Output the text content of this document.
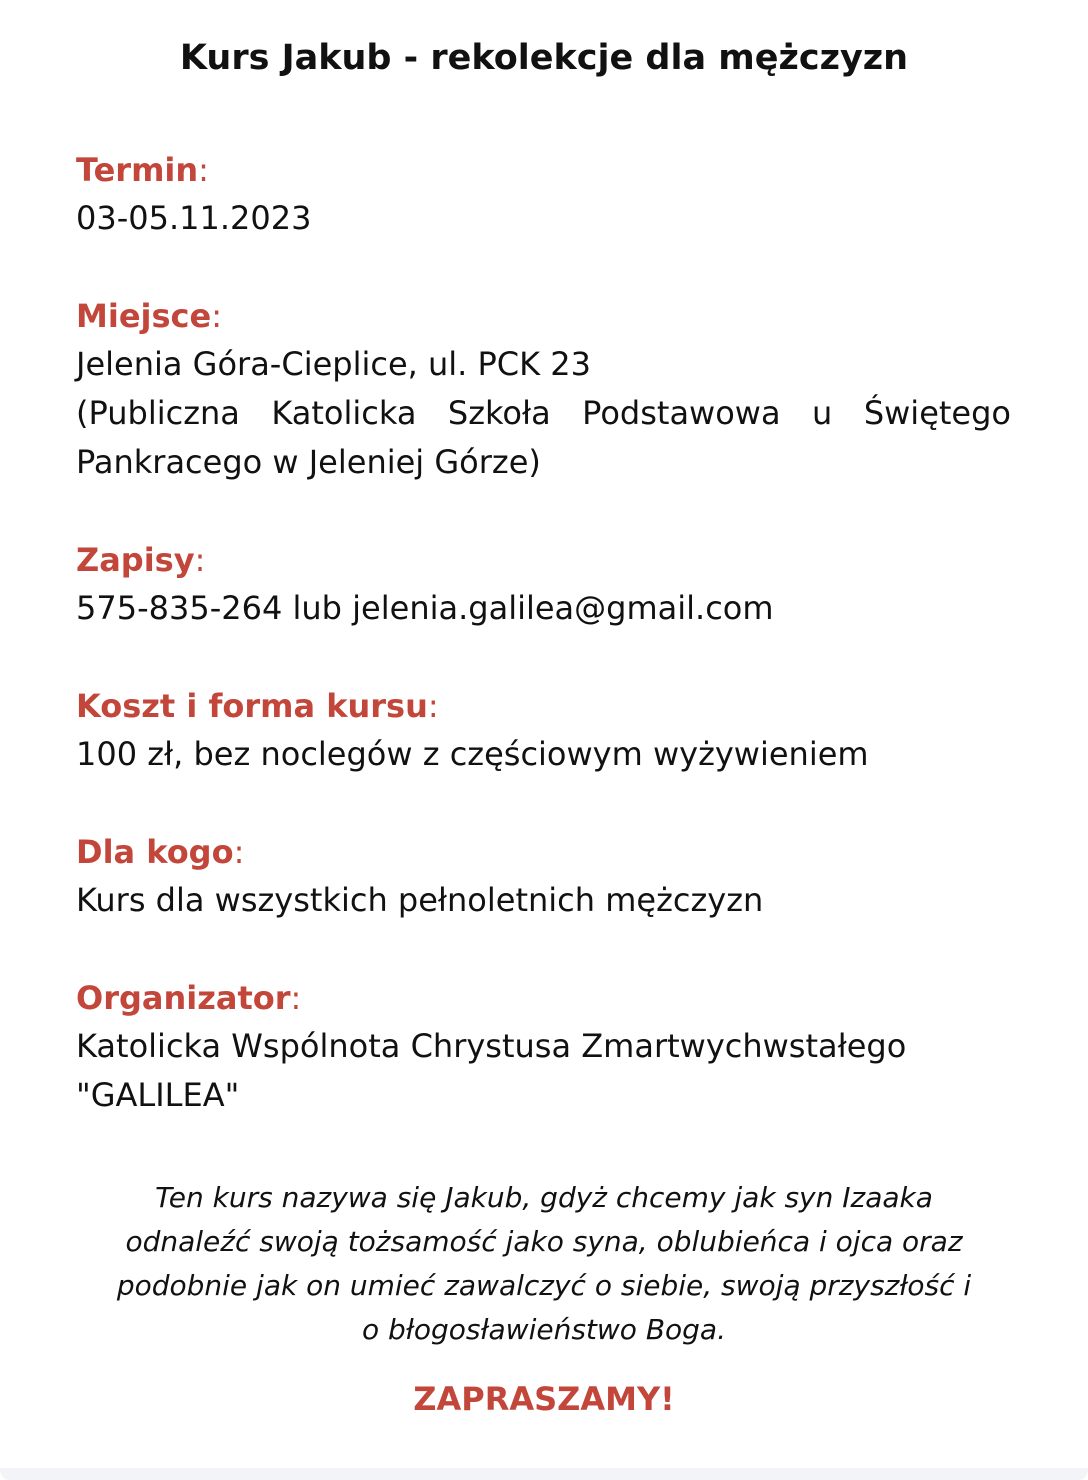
Kurs Jakub - rekolekcje dla mężczyzn
Termin:
03-05.11.2023
Miejsce:
Jelenia Góra-Cieplice, ul. PCK 23
(Publiczna Katolicka Szkoła Podstawowa u Świętego
Pankracego w Jeleniej Górze)
Zapisy:
575-835-264 lub jelenia.galilea@gmail.com
Koszt i forma kursu:
100 zł, bez noclegów z częściowym wyżywieniem
Dla kogo:
Kurs dla wszystkich pełnoletnich mężczyzn
Organizator:
Katolicka Wspólnota Chrystusa Zmartwychwstałego
"GALILEA"
Ten kurs nazywa się Jakub, gdyż chcemy jak syn Izaaka
odnaleźć swoją tożsamość jako syna, oblubieńca i ojca oraz
podobnie jak on umieć zawalczyć o siebie, swoją przyszłość i
o błogosławieństwo Boga.
ZAPRASZAMY!
